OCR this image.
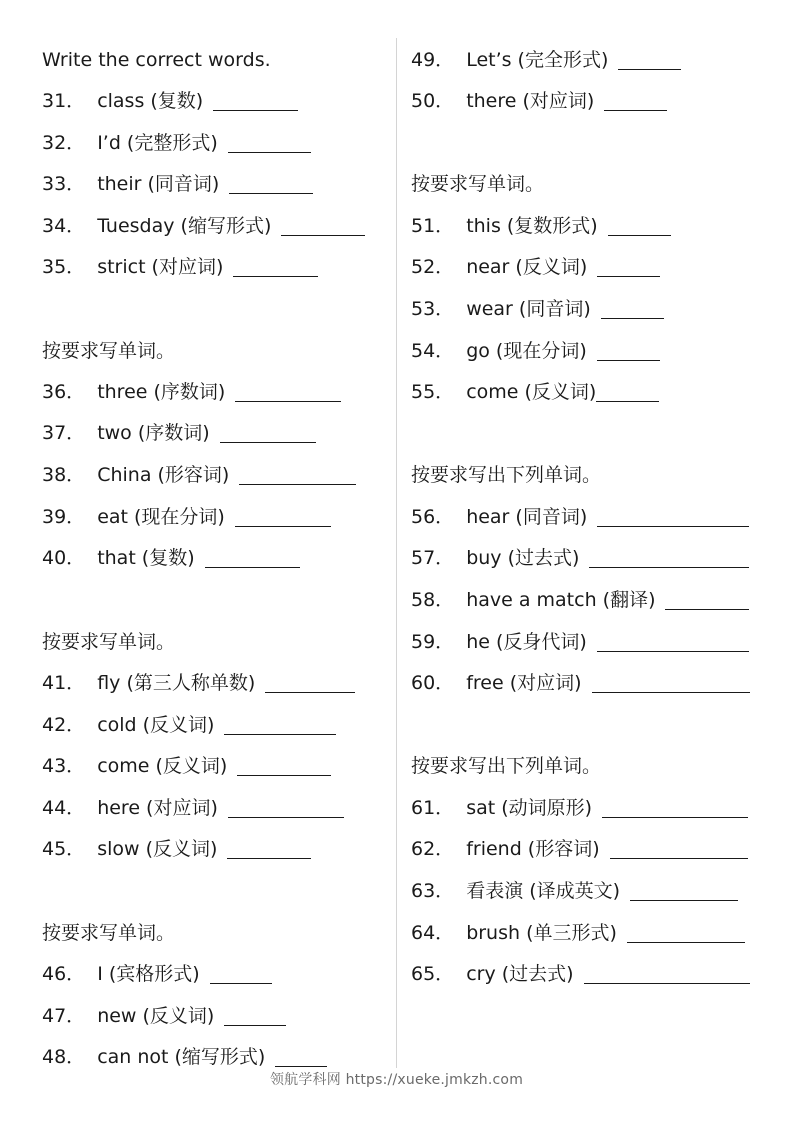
Write the correct words.
31． class (复数)
32． I’d (完整形式)
33． their (同音词)
34． Tuesday (缩写形式)
35． strict (对应词)
按要求写单词。
36． three (序数词)
37． two (序数词)
38． China (形容词)
39． eat (现在分词)
40． that (复数)
按要求写单词。
41． fly (第三人称单数)
42． cold (反义词)
43． come (反义词)
44． here (对应词)
45． slow (反义词)
按要求写单词。
46． I (宾格形式)
47． new (反义词)
48． can not (缩写形式)
49． Let’s (完全形式)
50． there (对应词)
按要求写单词。
51． this (复数形式)
52． near (反义词)
53． wear (同音词)
54． go (现在分词)
55． come (反义词)
按要求写出下列单词。
56． hear (同音词)
57． buy (过去式)
58． have a match (翻译)
59． he (反身代词)
60． free (对应词)
按要求写出下列单词。
61． sat (动词原形)
62． friend (形容词)
63． 看表演 (译成英文)
64． brush (单三形式)
65． cry (过去式)
领航学科网 https://xueke.jmkzh.com
